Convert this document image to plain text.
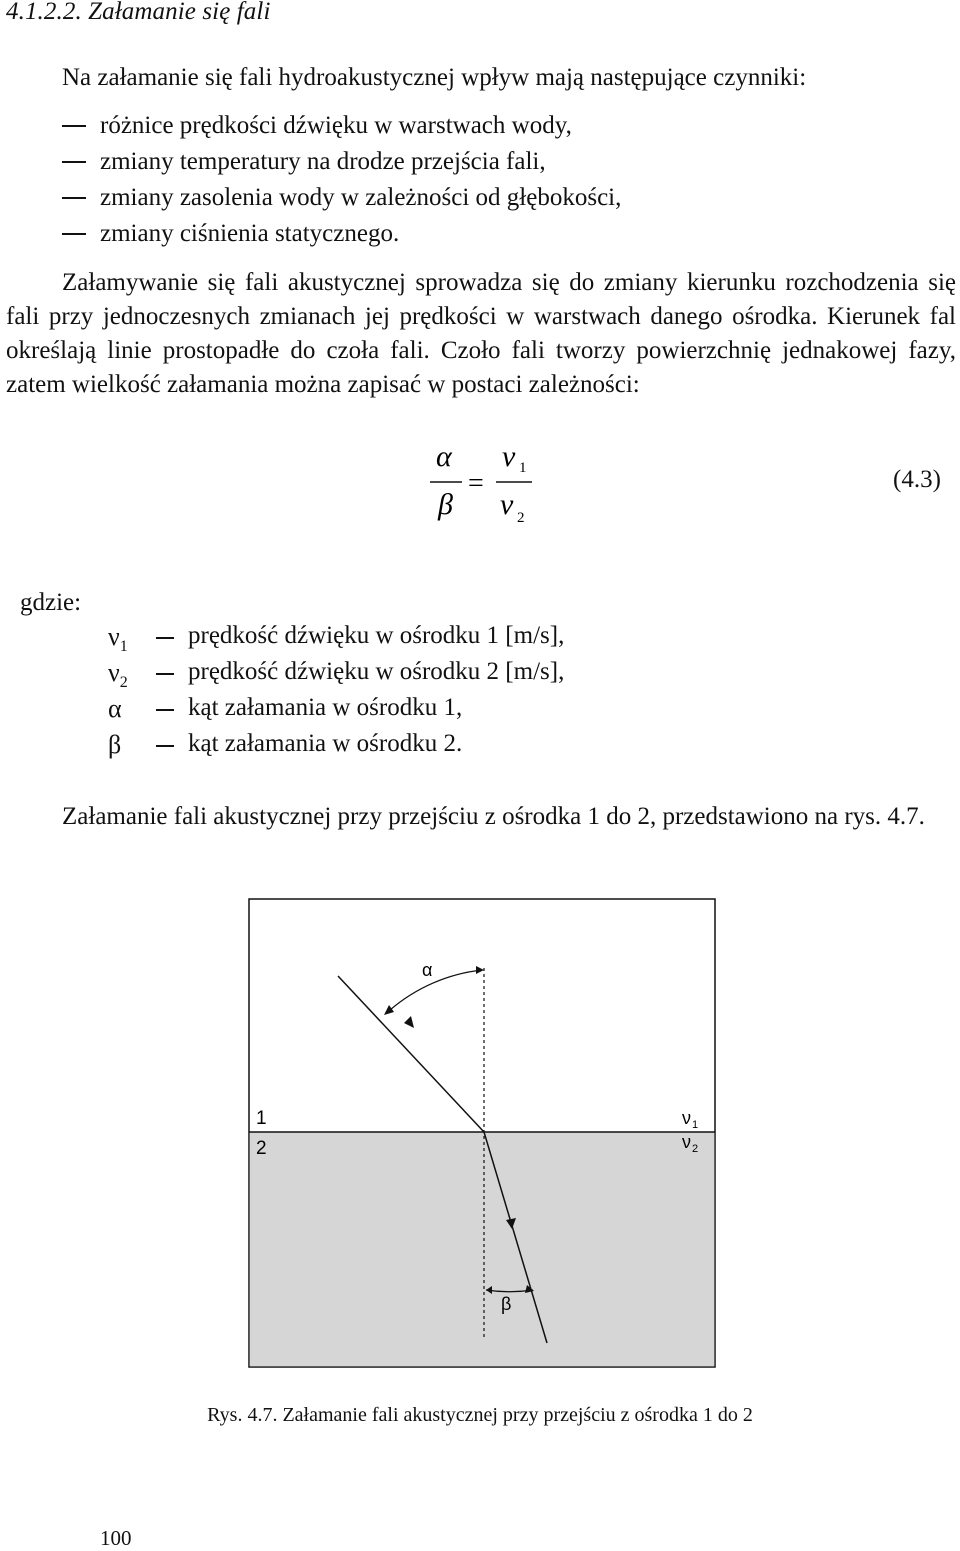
4.1.2.2. Załamanie się fali
Na załamanie się fali hydroakustycznej wpływ mają następujące czynniki:
różnice prędkości dźwięku w warstwach wody,
zmiany temperatury na drodze przejścia fali,
zmiany zasolenia wody w zależności od głębokości,
zmiany ciśnienia statycznego.

Załamywanie się fali akustycznej sprowadza się do zmiany kierunku rozchodzenia się fali przy jednoczesnych zmianach jej prędkości w warstwach danego ośrodka. Kierunek fal określają linie prostopadłe do czoła fali. Czoło fali tworzy powierzchnię jednakowej fazy, zatem wielkość załamania można zapisać w postaci zależności:

α
β
=
ν 1
ν 2
(4.3)
gdzie:
$\nu_1$	prędkość dźwięku w ośrodku 1 [m/s],
$\nu_2$	prędkość dźwięku w ośrodku 2 [m/s],
α	kąt załamania w ośrodku 1,
β	kąt załamania w ośrodku 2.

Załamanie fali akustycznej przy przejściu z ośrodka 1 do 2, przedstawiono na rys. 4.7.

α
β
1
2
ν 1
ν 2
Rys. 4.7. Załamanie fali akustycznej przy przejściu z ośrodka 1 do 2
100
